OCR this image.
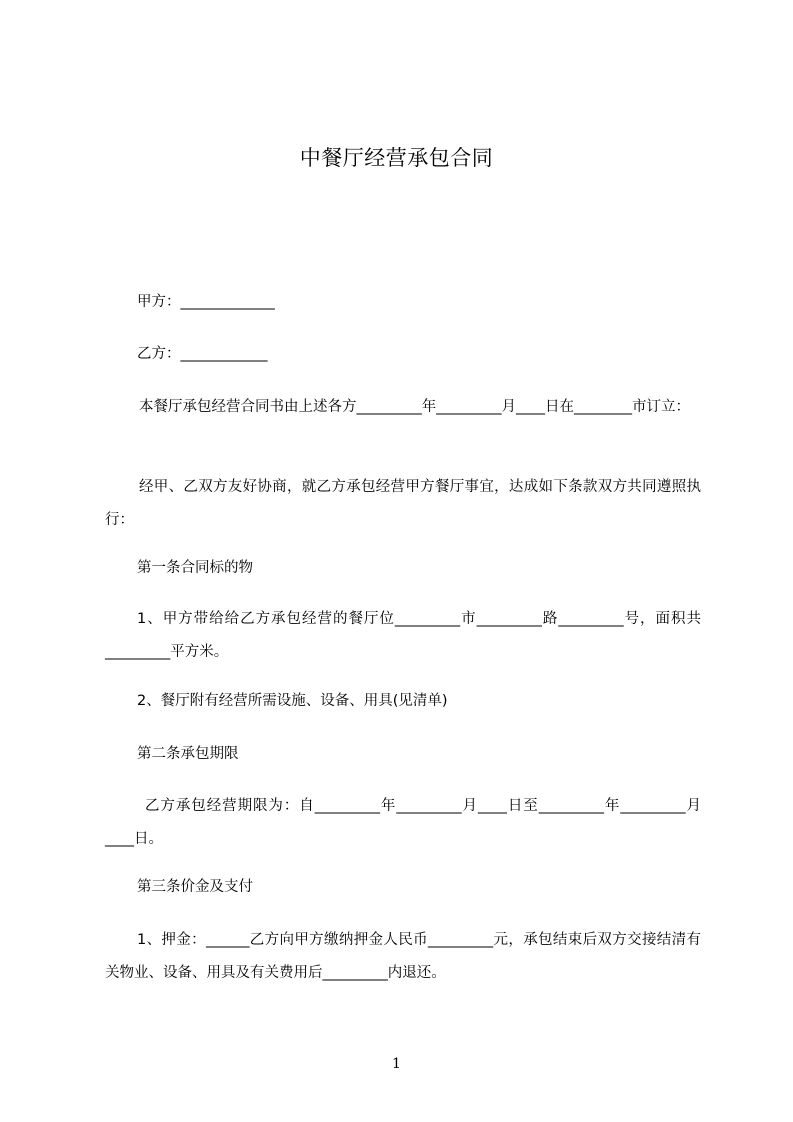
中餐厅经营承包合同
甲方：_____________
乙方：____________
本餐厅承包经营合同书由上述各方_________年_________月____日在________市订立：
经甲、乙双方友好协商，就乙方承包经营甲方餐厅事宜，达成如下条款双方共同遵照执行：
第一条合同标的物
1、甲方带给给乙方承包经营的餐厅位_________市_________路_________号，面积共_________平方米。
2、餐厅附有经营所需设施、设备、用具(见清单)
第二条承包期限
乙方承包经营期限为：自_________年_________月____日至_________年_________月____日。
第三条价金及支付
1、押金：______乙方向甲方缴纳押金人民币_________元，承包结束后双方交接结清有关物业、设备、用具及有关费用后_________内退还。
1
